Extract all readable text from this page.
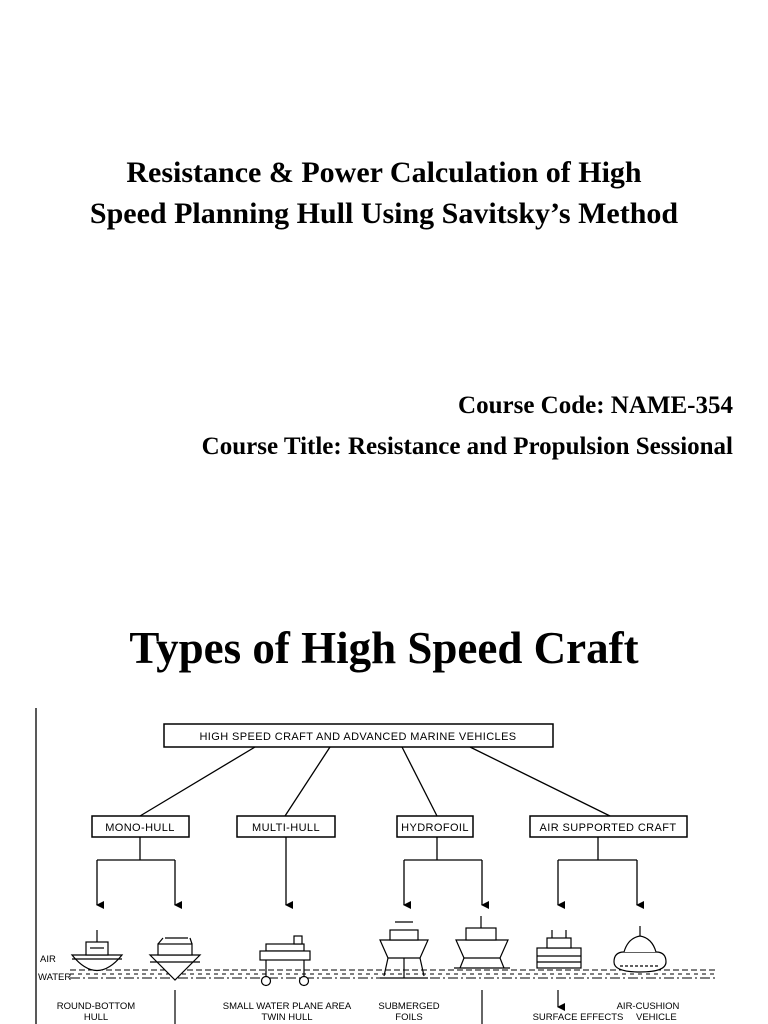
Resistance & Power Calculation of High
Speed Planning Hull Using Savitsky’s Method
Course Code: NAME-354
Course Title: Resistance and Propulsion Sessional
Types of High Speed Craft
HIGH SPEED CRAFT AND ADVANCED MARINE VEHICLES
MONO-HULL	MULTI-HULL	HYDROFOIL	AIR SUPPORTED CRAFT
AIR
WATER
ROUND-BOTTOM
HULL
SMALL WATER PLANE AREA
TWIN HULL
SUBMERGED
FOILS
AIR-CUSHION
VEHICLE
SURFACE EFFECTS
